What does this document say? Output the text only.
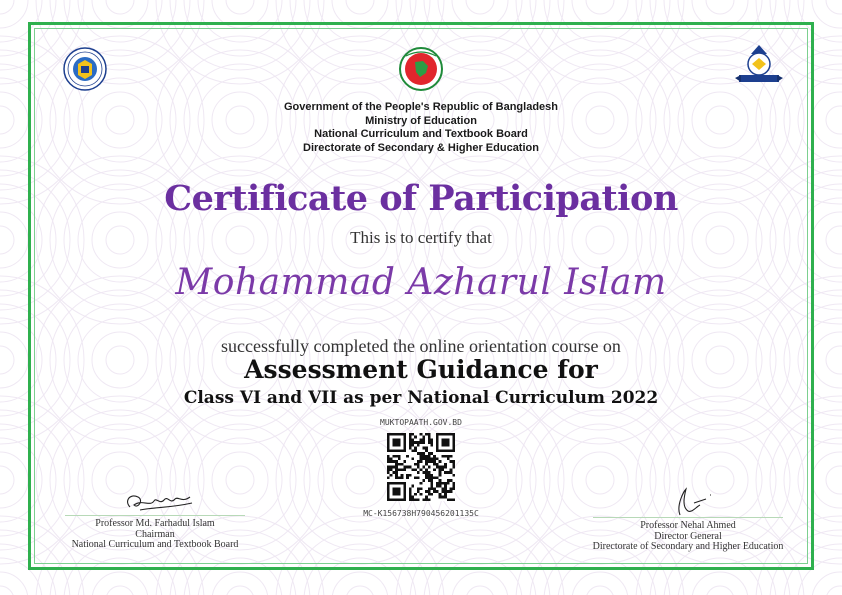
Government of the People's Republic of Bangladesh
Ministry of Education
National Curriculum and Textbook Board
Directorate of Secondary & Higher Education
Certificate of Participation
This is to certify that
Mohammad Azharul Islam
successfully completed the online orientation course on
Assessment Guidance for
Class VI and VII as per National Curriculum 2022
MUKTOPAATH.GOV.BD
MC-K156738H790456201135C
Professor Md. Farhadul Islam
Chairman
National Curriculum and Textbook Board
Professor Nehal Ahmed
Director General
Directorate of Secondary and Higher Education
